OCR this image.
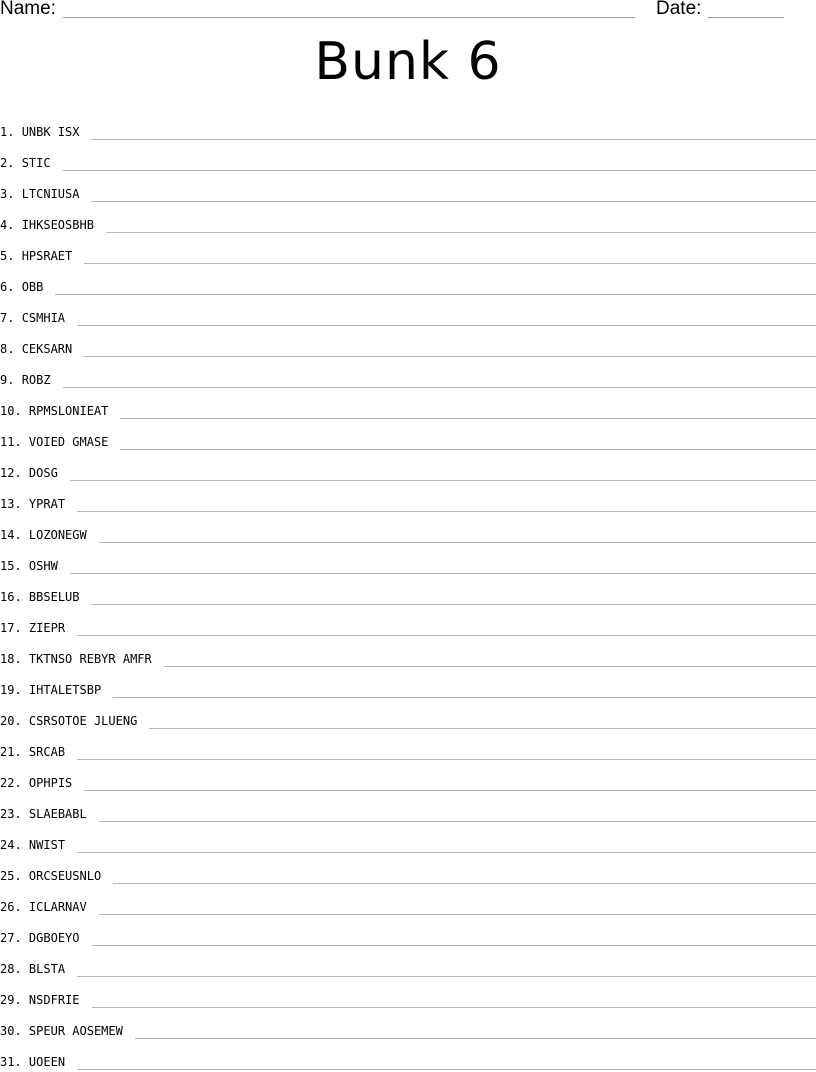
Name:	Date:
Bunk 6
1. UNBK ISX
2. STIC
3. LTCNIUSA
4. IHKSEOSBHB
5. HPSRAET
6. OBB
7. CSMHIA
8. CEKSARN
9. ROBZ
10. RPMSLONIEAT
11. VOIED GMASE
12. DOSG
13. YPRAT
14. LOZONEGW
15. OSHW
16. BBSELUB
17. ZIEPR
18. TKTNSO REBYR AMFR
19. IHTALETSBP
20. CSRSOTOE JLUENG
21. SRCAB
22. OPHPIS
23. SLAEBABL
24. NWIST
25. ORCSEUSNLO
26. ICLARNAV
27. DGBOEYO
28. BLSTA
29. NSDFRIE
30. SPEUR AOSEMEW
31. UOEEN
